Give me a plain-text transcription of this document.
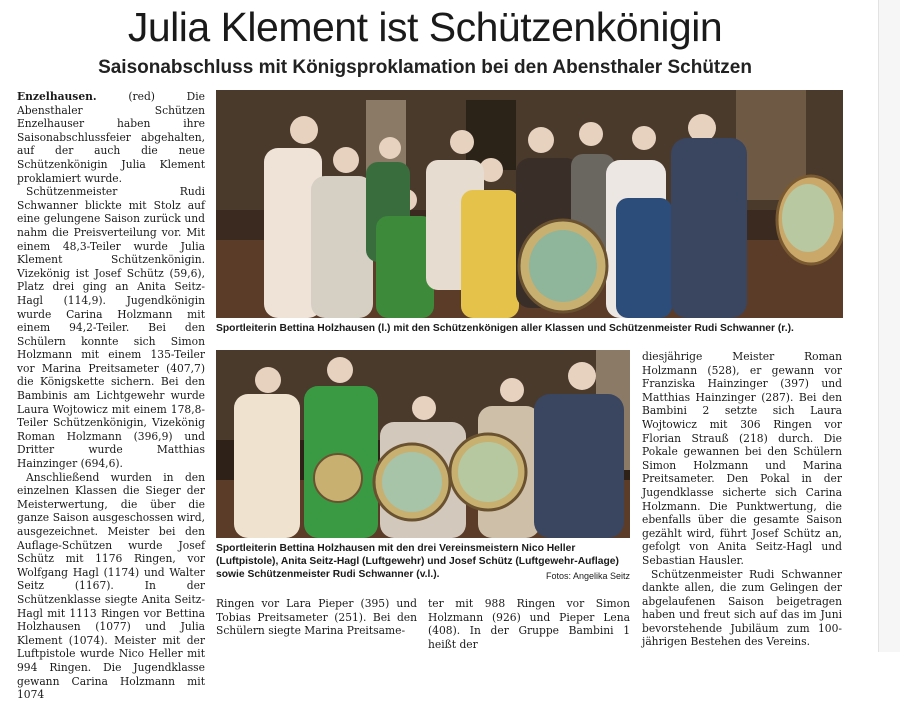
Julia Klement ist Schützenkönigin
Saisonabschluss mit Königsproklamation bei den Abensthaler Schützen

Enzelhausen.	(red) Die Abensthaler Schützen Enzelhauser haben ihre Saisonabschlussfeier abgehalten, auf der auch die neue Schützenkönigin Julia Klement proklamiert wurde.

Schützenmeister Rudi Schwanner blickte mit Stolz auf eine gelungene Saison zurück und nahm die Preisverteilung vor. Mit einem 48,3-Teiler wurde Julia Klement Schützenkönigin. Vizekönig ist Josef Schütz (59,6), Platz drei ging an Anita Seitz-Hagl (114,9). Jugendkönigin wurde Carina Holzmann mit einem 94,2-Teiler. Bei den Schülern konnte sich Simon Holzmann mit einem 135-Teiler vor Marina Preitsameter (407,7) die Königskette sichern. Bei den Bambinis am Lichtgewehr wurde Laura Wojtowicz mit einem 178,8-Teiler Schützenkönigin, Vizekönig Roman Holzmann (396,9) und Dritter wurde Matthias Hainzinger (694,6).

Anschließend wurden in den einzelnen Klassen die Sieger der Meisterwertung, die über die ganze Saison ausgeschossen wird, ausgezeichnet. Meister bei den Auflage-Schützen wurde Josef Schütz mit 1176 Ringen, vor Wolfgang Hagl (1174) und Walter Seitz (1167). In der Schützenklasse siegte Anita Seitz-Hagl mit 1113 Ringen vor Bettina Holzhausen (1077) und Julia Klement (1074). Meister mit der Luftpistole wurde Nico Heller mit 994 Ringen. Die Jugendklasse gewann Carina Holzmann mit 1074

Sportleiterin Bettina Holzhausen (l.) mit den Schützenkönigen aller Klassen und Schützenmeister Rudi Schwanner (r.).
Sportleiterin Bettina Holzhausen mit den drei Vereinsmeistern Nico Heller (Luftpistole), Anita Seitz-Hagl (Luftgewehr) und Josef Schütz (Luftgewehr-Auflage) sowie Schützenmeister Rudi Schwanner (v.l.).	Fotos: Angelika Seitz

Ringen vor Lara Pieper (395) und Tobias Preitsameter (251). Bei den Schülern siegte Marina Preitsame-

ter mit 988 Ringen vor Simon Holzmann (926) und Pieper Lena (408). In der Gruppe Bambini 1 heißt der

diesjährige Meister Roman Holzmann (528), er gewann vor Franziska Hainzinger (397) und Matthias Hainzinger (287). Bei den Bambini 2 setzte sich Laura Wojtowicz mit 306 Ringen vor Florian Strauß (218) durch. Die Pokale gewannen bei den Schülern Simon Holzmann und Marina Preitsameter. Den Pokal in der Jugendklasse sicherte sich Carina Holzmann. Die Punktwertung, die ebenfalls über die gesamte Saison gezählt wird, führt Josef Schütz an, gefolgt von Anita Seitz-Hagl und Sebastian Hausler.

Schützenmeister Rudi Schwanner dankte allen, die zum Gelingen der abgelaufenen Saison beigetragen haben und freut sich auf das im Juni bevorstehende Jubiläum zum 100-jährigen Bestehen des Vereins.
